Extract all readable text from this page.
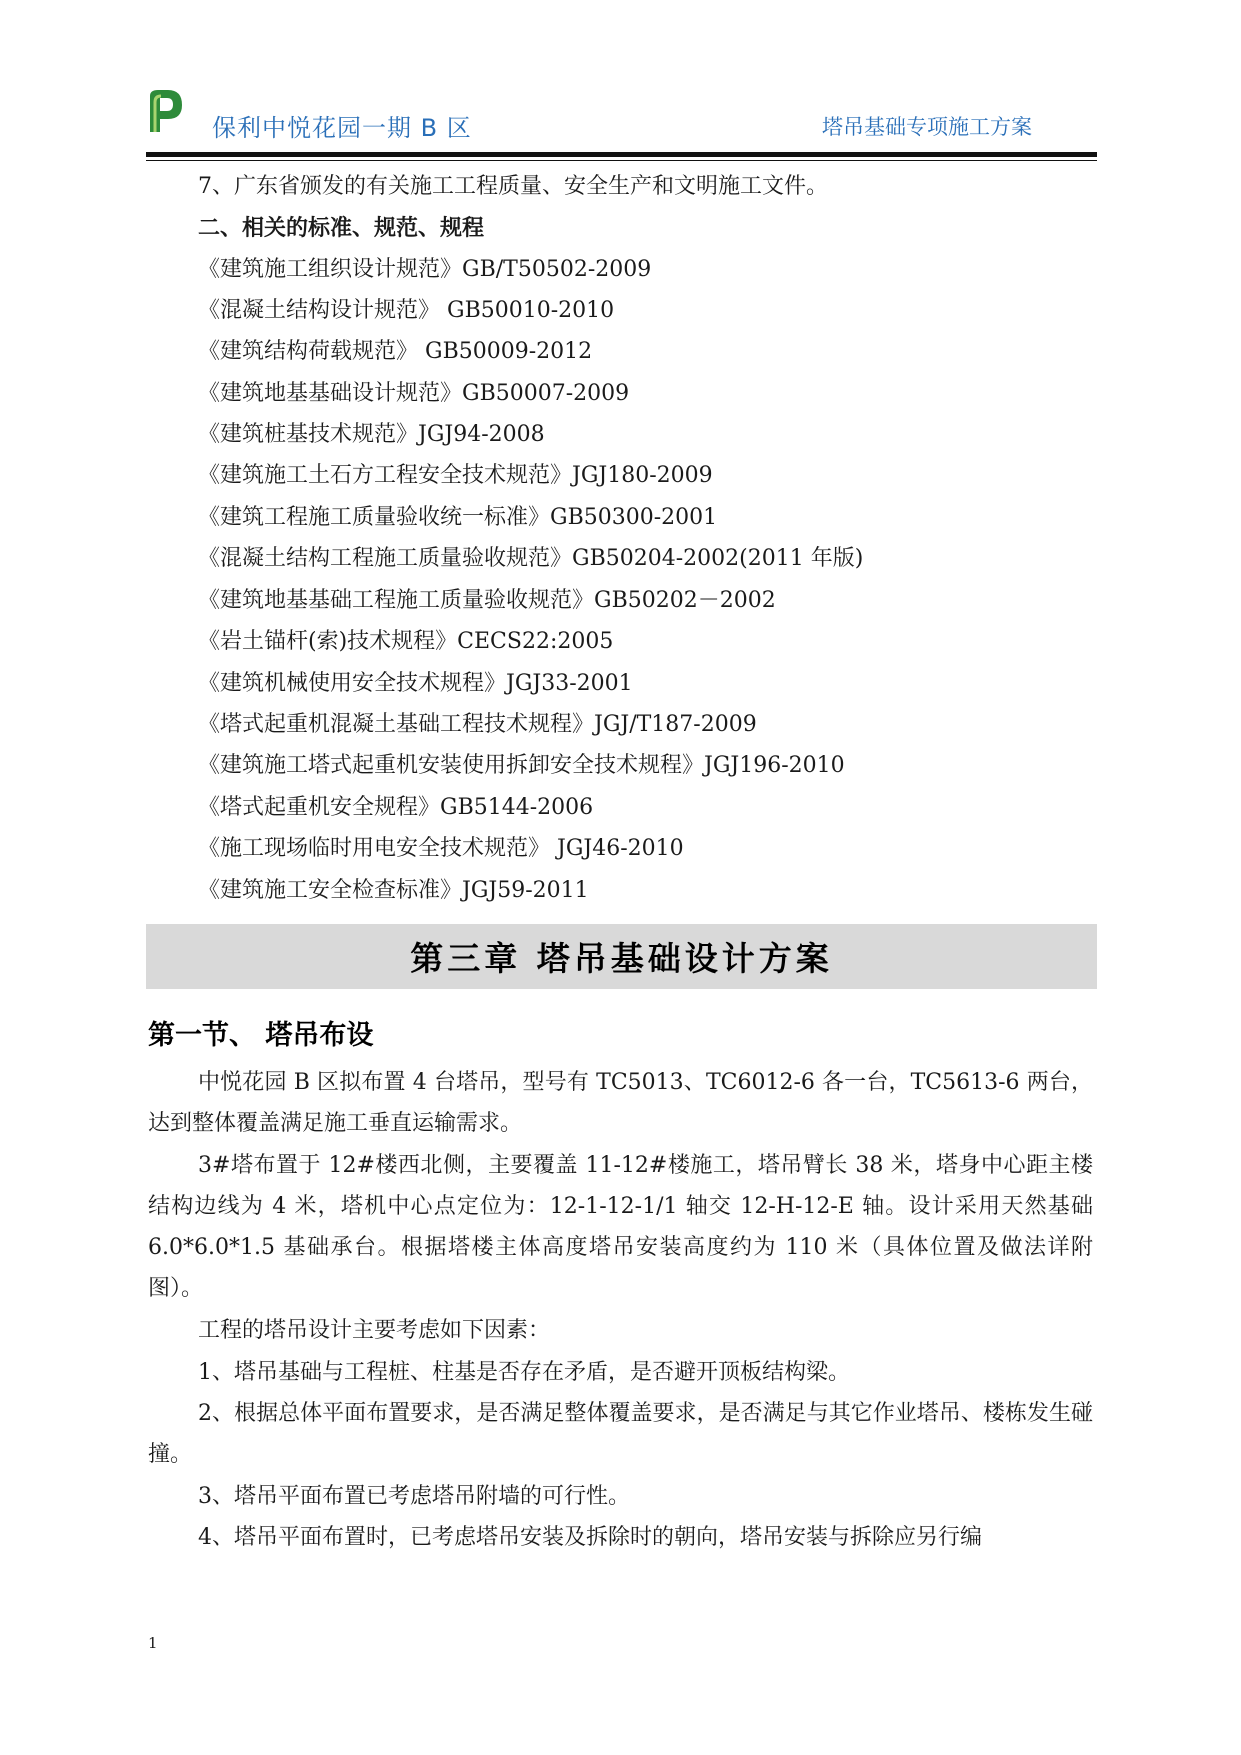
保利中悦花园一期 B 区	塔吊基础专项施工方案
7、广东省颁发的有关施工工程质量、安全生产和文明施工文件。
二、相关的标准、规范、规程
《建筑施工组织设计规范》GB/T50502-2009
《混凝土结构设计规范》 GB50010-2010
《建筑结构荷载规范》 GB50009-2012
《建筑地基基础设计规范》GB50007-2009
《建筑桩基技术规范》JGJ94-2008
《建筑施工土石方工程安全技术规范》JGJ180-2009
《建筑工程施工质量验收统一标准》GB50300-2001
《混凝土结构工程施工质量验收规范》GB50204-2002(2011 年版)
《建筑地基基础工程施工质量验收规范》GB50202－2002
《岩土锚杆(索)技术规程》CECS22:2005
《建筑机械使用安全技术规程》JGJ33-2001
《塔式起重机混凝土基础工程技术规程》JGJ/T187-2009
《建筑施工塔式起重机安装使用拆卸安全技术规程》JGJ196-2010
《塔式起重机安全规程》GB5144-2006
《施工现场临时用电安全技术规范》 JGJ46-2010
《建筑施工安全检查标准》JGJ59-2011
第三章 塔吊基础设计方案
第一节、 塔吊布设
中悦花园 B 区拟布置 4 台塔吊，型号有 TC5013、TC6012-6 各一台，TC5613-6 两台，达到整体覆盖满足施工垂直运输需求。
3#塔布置于 12#楼西北侧，主要覆盖 11-12#楼施工，塔吊臂长 38 米，塔身中心距主楼结构边线为 4 米，塔机中心点定位为：12-1-12-1/1 轴交 12-H-12-E 轴。设计采用天然基础 6.0*6.0*1.5 基础承台。根据塔楼主体高度塔吊安装高度约为 110 米（具体位置及做法详附图）。
工程的塔吊设计主要考虑如下因素：
1、塔吊基础与工程桩、柱基是否存在矛盾，是否避开顶板结构梁。
2、根据总体平面布置要求，是否满足整体覆盖要求，是否满足与其它作业塔吊、楼栋发生碰撞。
3、塔吊平面布置已考虑塔吊附墙的可行性。
4、塔吊平面布置时，已考虑塔吊安装及拆除时的朝向，塔吊安装与拆除应另行编
1
